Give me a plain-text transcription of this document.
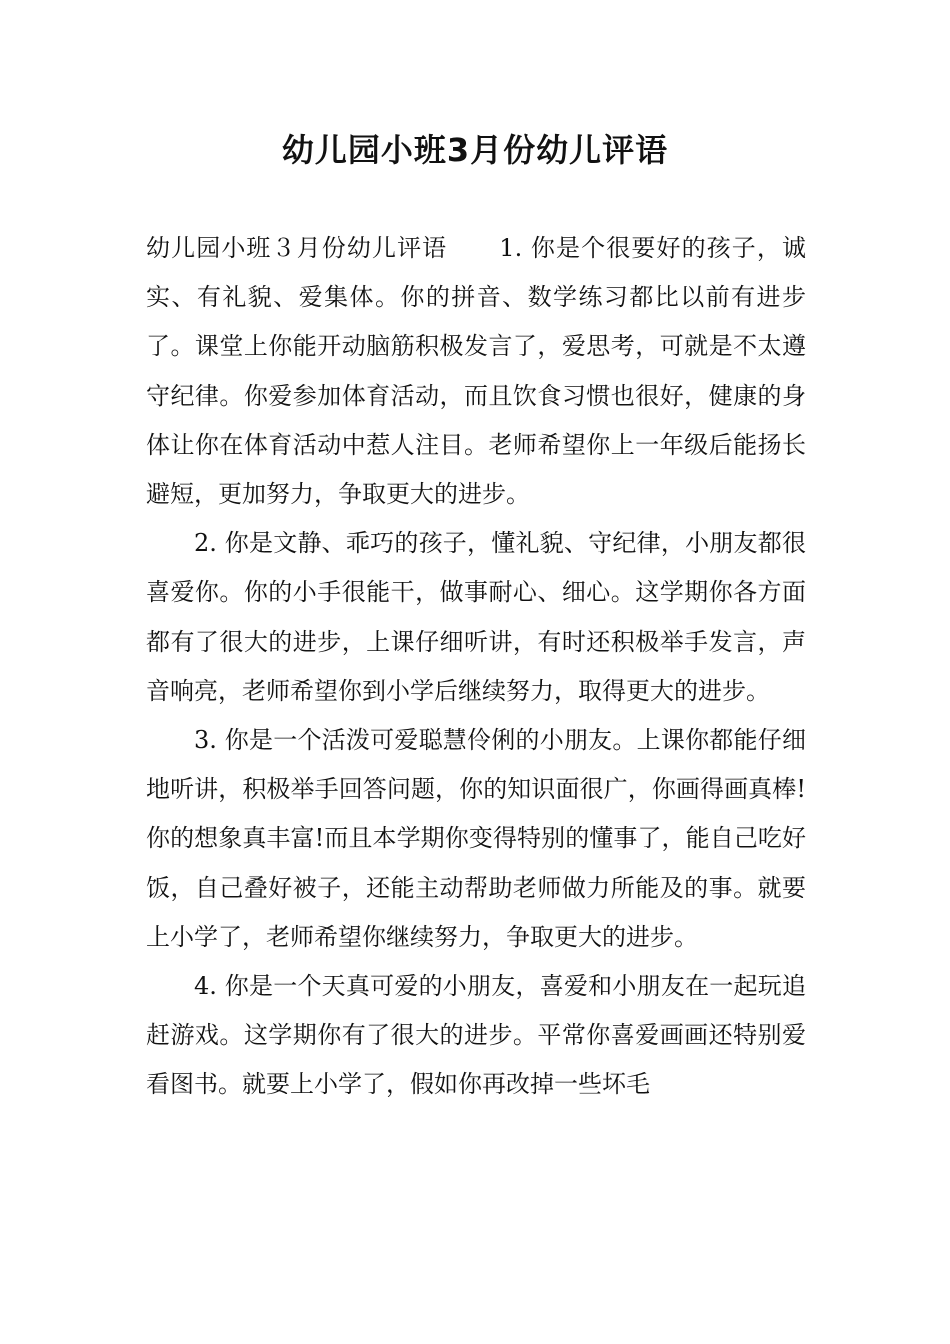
幼儿园小班3月份幼儿评语

幼儿园小班３月份幼儿评语 1. 你是个很要好的孩子，诚实、有礼貌、爱集体。你的拼音、数学练习都比以前有进步了。课堂上你能开动脑筋积极发言了，爱思考，可就是不太遵守纪律。你爱参加体育活动，而且饮食习惯也很好，健康的身体让你在体育活动中惹人注目。老师希望你上一年级后能扬长避短，更加努力，争取更大的进步。

2. 你是文静、乖巧的孩子，懂礼貌、守纪律，小朋友都很喜爱你。你的小手很能干，做事耐心、细心。这学期你各方面都有了很大的进步，上课仔细听讲，有时还积极举手发言，声音响亮，老师希望你到小学后继续努力，取得更大的进步。

3. 你是一个活泼可爱聪慧伶俐的小朋友。上课你都能仔细地听讲，积极举手回答问题，你的知识面很广，你画得画真棒!你的想象真丰富!而且本学期你变得特别的懂事了，能自己吃好饭，自己叠好被子，还能主动帮助老师做力所能及的事。就要上小学了，老师希望你继续努力，争取更大的进步。

4. 你是一个天真可爱的小朋友，喜爱和小朋友在一起玩追赶游戏。这学期你有了很大的进步。平常你喜爱画画还特别爱看图书。就要上小学了，假如你再改掉一些坏毛
